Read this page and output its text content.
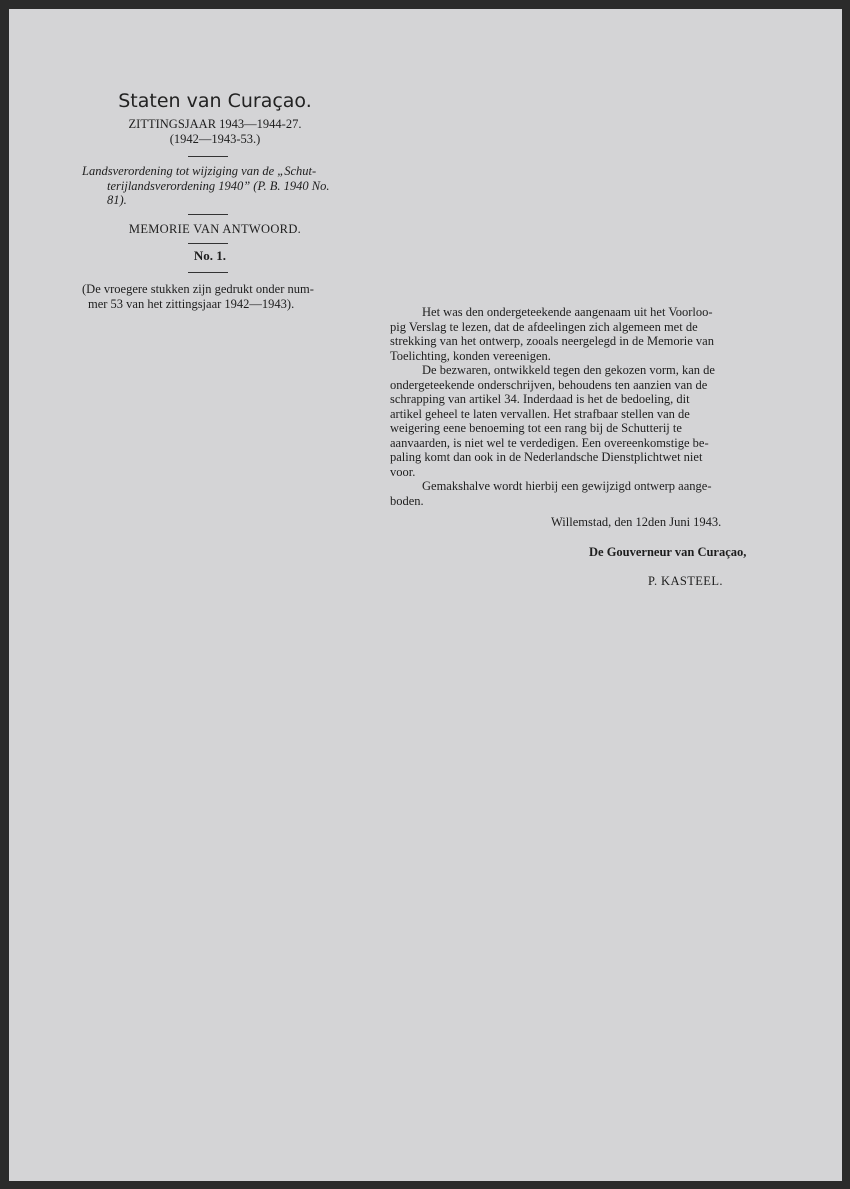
Staten van Curaçao.
ZITTINGSJAAR 1943—1944-27.
(1942—1943-53.)
Landsverordening tot wijziging van de „Schut-
terijlandsverordening 1940” (P. B. 1940 No.
81).
MEMORIE VAN ANTWOORD.
No. 1.
(De vroegere stukken zijn gedrukt onder num-
mer 53 van het zittingsjaar 1942—1943).
Het was den ondergeteekende aangenaam uit het Voorloo-
pig Verslag te lezen, dat de afdeelingen zich algemeen met de
strekking van het ontwerp, zooals neergelegd in de Memorie van
Toelichting, konden vereenigen.
De bezwaren, ontwikkeld tegen den gekozen vorm, kan de
ondergeteekende onderschrijven, behoudens ten aanzien van de
schrapping van artikel 34. Inderdaad is het de bedoeling, dit
artikel geheel te laten vervallen. Het strafbaar stellen van de
weigering eene benoeming tot een rang bij de Schutterij te
aanvaarden, is niet wel te verdedigen. Een overeenkomstige be-
paling komt dan ook in de Nederlandsche Dienstplichtwet niet
voor.
Gemakshalve wordt hierbij een gewijzigd ontwerp aange-
boden.
Willemstad, den 12den Juni 1943.
De Gouverneur van Curaçao,
P. KASTEEL.
